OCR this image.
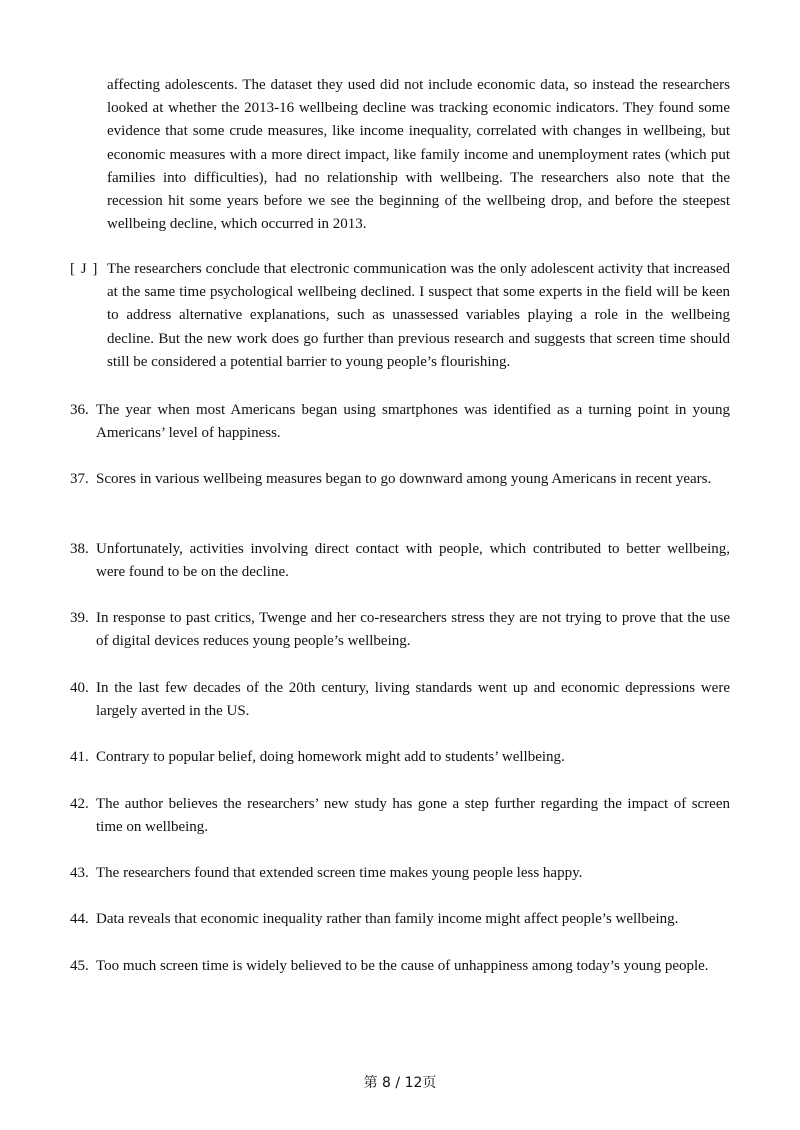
affecting adolescents. The dataset they used did not include economic data, so instead the researchers looked at whether the 2013-16 wellbeing decline was tracking economic indicators. They found some evidence that some crude measures, like income inequality, correlated with changes in wellbeing, but economic measures with a more direct impact, like family income and unemployment rates (which put families into difficulties), had no relationship with wellbeing. The researchers also note that the recession hit some years before we see the beginning of the wellbeing drop, and before the steepest wellbeing decline, which occurred in 2013.

[ J ] The researchers conclude that electronic communication was the only adolescent activity that increased at the same time psychological wellbeing declined. I suspect that some experts in the field will be keen to address alternative explanations, such as unassessed variables playing a role in the wellbeing decline. But the new work does go further than previous research and suggests that screen time should still be considered a potential barrier to young people’s flourishing.

36. The year when most Americans began using smartphones was identified as a turning point in young Americans’ level of happiness.

37. Scores in various wellbeing measures began to go downward among young Americans in recent years.

38. Unfortunately, activities involving direct contact with people, which contributed to better wellbeing, were found to be on the decline.

39. In response to past critics, Twenge and her co-researchers stress they are not trying to prove that the use of digital devices reduces young people’s wellbeing.

40. In the last few decades of the 20th century, living standards went up and economic depressions were largely averted in the US.

41. Contrary to popular belief, doing homework might add to students’ wellbeing.

42. The author believes the researchers’ new study has gone a step further regarding the impact of screen time on wellbeing.

43. The researchers found that extended screen time makes young people less happy.

44. Data reveals that economic inequality rather than family income might affect people’s wellbeing.

45. Too much screen time is widely believed to be the cause of unhappiness among today’s young people.

第 8 / 12页
